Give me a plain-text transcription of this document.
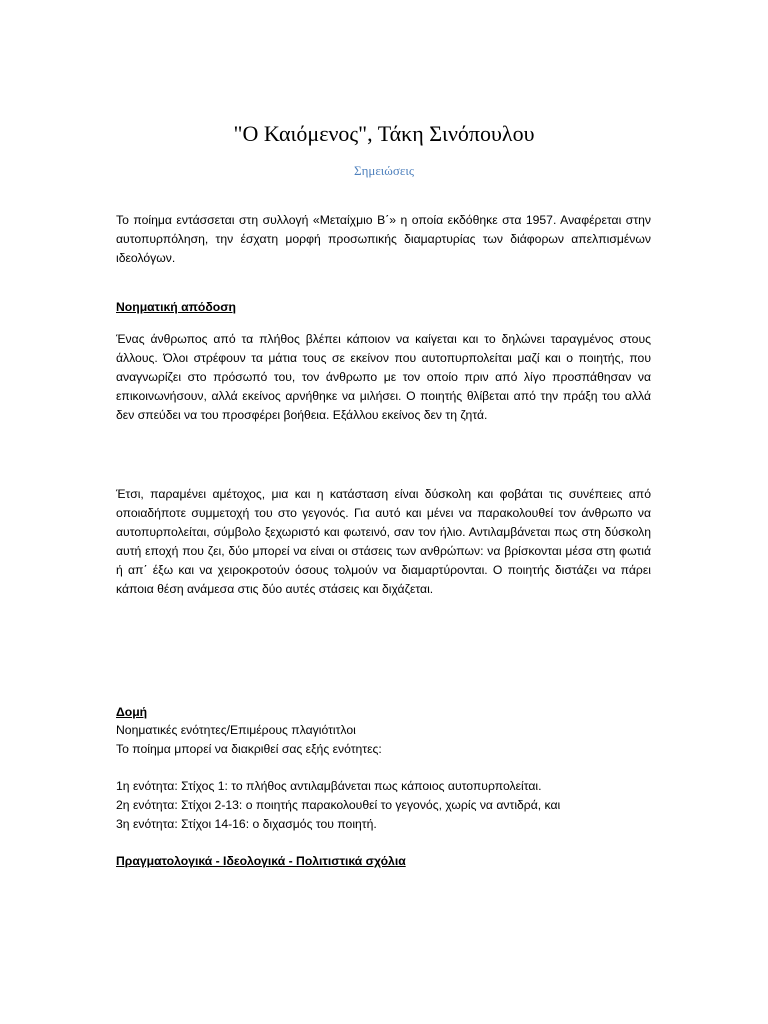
"Ο Καιόμενος", Τάκη Σινόπουλου
Σημειώσεις

Το ποίημα εντάσσεται στη συλλογή «Μεταίχμιο Β΄» η οποία εκδόθηκε στα 1957. Αναφέρεται στην αυτοπυρπόληση, την έσχατη μορφή προσωπικής διαμαρτυρίας των διάφορων απελπισμένων ιδεολόγων.

Νοηματική απόδοση

Ένας άνθρωπος από τα πλήθος βλέπει κάποιον να καίγεται και το δηλώνει ταραγμένος στους άλλους. Όλοι στρέφουν τα μάτια τους σε εκείνον που αυτοπυρπολείται μαζί και ο ποιητής, που αναγνωρίζει στο πρόσωπό του, τον άνθρωπο με τον οποίο πριν από λίγο προσπάθησαν να επικοινωνήσουν, αλλά εκείνος αρνήθηκε να μιλήσει. Ο ποιητής θλίβεται από την πράξη του αλλά δεν σπεύδει να του προσφέρει βοήθεια. Εξάλλου εκείνος δεν τη ζητά.

Έτσι, παραμένει αμέτοχος, μια και η κατάσταση είναι δύσκολη και φοβάται τις συνέπειες από οποιαδήποτε συμμετοχή του στο γεγονός. Για αυτό και μένει να παρακολουθεί τον άνθρωπο να αυτοπυρπολείται, σύμβολο ξεχωριστό και φωτεινό, σαν τον ήλιο. Αντιλαμβάνεται πως στη δύσκολη αυτή εποχή που ζει, δύο μπορεί να είναι οι στάσεις των ανθρώπων: να βρίσκονται μέσα στη φωτιά ή απ΄ έξω και να χειροκροτούν όσους τολμούν να διαμαρτύρονται. Ο ποιητής διστάζει να πάρει κάποια θέση ανάμεσα στις δύο αυτές στάσεις και διχάζεται.

Δομή

Νοηματικές ενότητες/Επιμέρους πλαγιότιτλοι

Το ποίημα μπορεί να διακριθεί σας εξής ενότητες:

1η ενότητα: Στίχος 1: το πλήθος αντιλαμβάνεται πως κάποιος αυτοπυρπολείται.

2η ενότητα: Στίχοι 2-13: ο ποιητής παρακολουθεί το γεγονός, χωρίς να αντιδρά, και

3η ενότητα: Στίχοι 14-16: ο διχασμός του ποιητή.

Πραγματολογικά - Ιδεολογικά - Πολιτιστικά σχόλια
